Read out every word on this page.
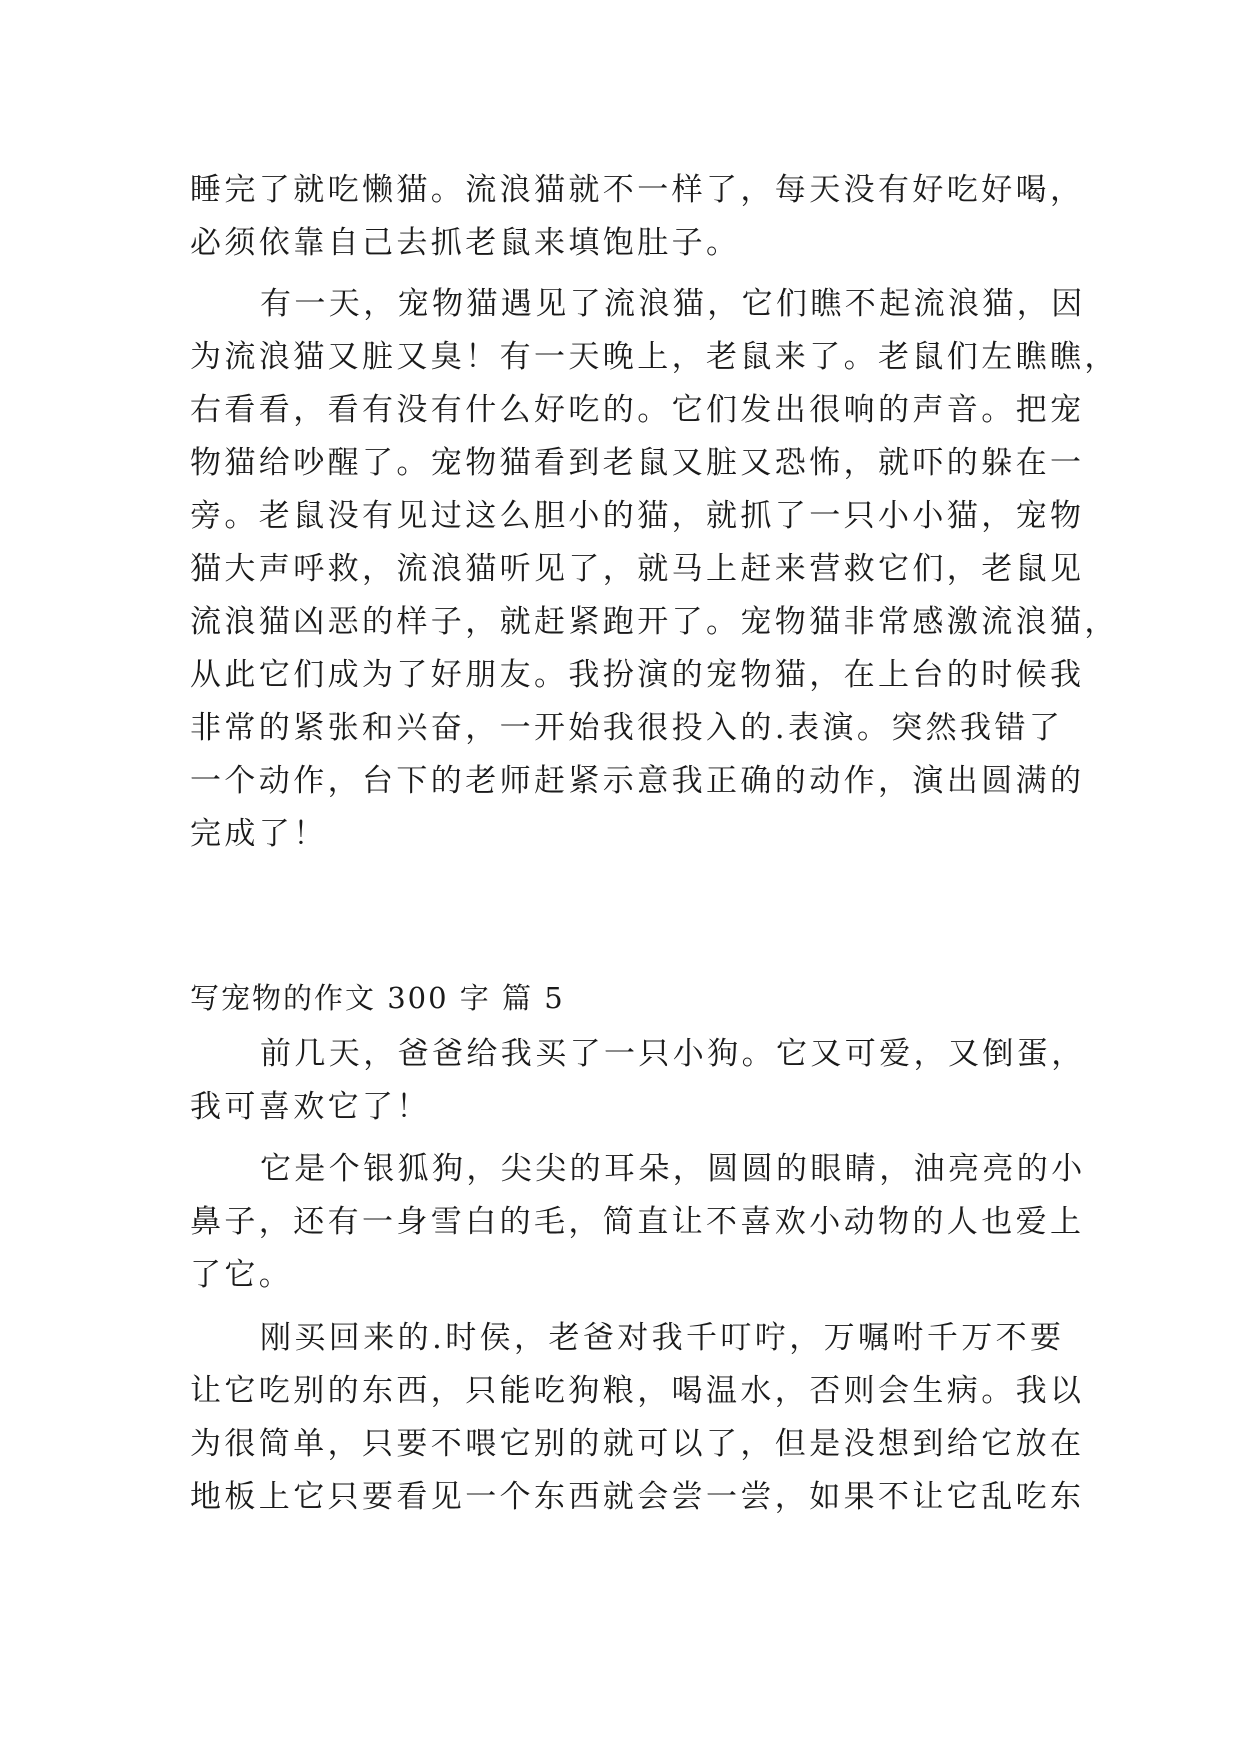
睡完了就吃懒猫。流浪猫就不一样了，每天没有好吃好喝，
必须依靠自己去抓老鼠来填饱肚子。
有一天，宠物猫遇见了流浪猫，它们瞧不起流浪猫，因
为流浪猫又脏又臭！有一天晚上，老鼠来了。老鼠们左瞧瞧，
右看看，看有没有什么好吃的。它们发出很响的声音。把宠
物猫给吵醒了。宠物猫看到老鼠又脏又恐怖，就吓的躲在一
旁。老鼠没有见过这么胆小的猫，就抓了一只小小猫，宠物
猫大声呼救，流浪猫听见了，就马上赶来营救它们，老鼠见
流浪猫凶恶的样子，就赶紧跑开了。宠物猫非常感激流浪猫，
从此它们成为了好朋友。我扮演的宠物猫，在上台的时候我
非常的紧张和兴奋，一开始我很投入的.表演。突然我错了
一个动作，台下的老师赶紧示意我正确的动作，演出圆满的
完成了！
写宠物的作文 300 字 篇 5
前几天，爸爸给我买了一只小狗。它又可爱，又倒蛋，
我可喜欢它了！
它是个银狐狗，尖尖的耳朵，圆圆的眼睛，油亮亮的小
鼻子，还有一身雪白的毛，简直让不喜欢小动物的人也爱上
了它。
刚买回来的.时侯，老爸对我千叮咛，万嘱咐千万不要
让它吃别的东西，只能吃狗粮，喝温水，否则会生病。我以
为很简单，只要不喂它别的就可以了，但是没想到给它放在
地板上它只要看见一个东西就会尝一尝，如果不让它乱吃东
